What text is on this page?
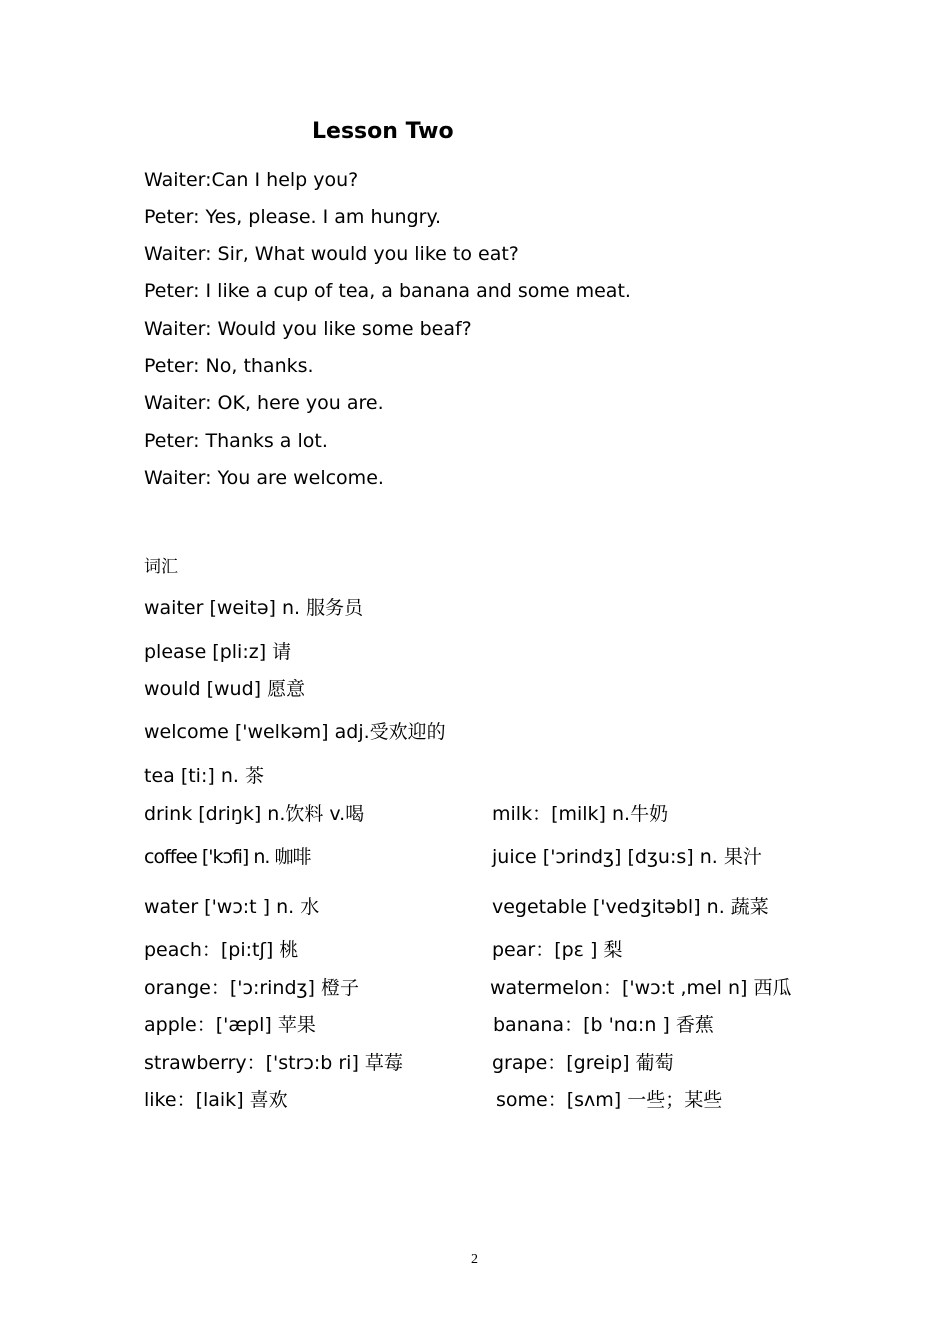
Lesson Two
Waiter:Can I help you?
Peter: Yes, please. I am hungry.
Waiter: Sir, What would you like to eat?
Peter: I like a cup of tea, a banana and some meat.
Waiter: Would you like some beaf?
Peter: No, thanks.
Waiter: OK, here you are.
Peter: Thanks a lot.
Waiter: You are welcome.
词汇
waiter [weitə] n. 服务员
please [pli:z] 请
would [wud] 愿意
welcome ['welkəm] adj.受欢迎的
tea [ti:] n. 茶
drink [driŋk] n.饮料 v.喝
coffee ['kɔfi] n. 咖啡
water ['wɔ:t ] n. 水
peach：[pi:tʃ] 桃
orange：['ɔ:rindʒ] 橙子
apple：['æpl] 苹果
strawberry：['strɔ:b ri] 草莓
like：[laik] 喜欢
milk：[milk] n.牛奶
juice ['ɔrindʒ] [dʒu:s] n. 果汁
vegetable ['vedʒitəbl] n. 蔬菜
pear：[pɛ ] 梨
watermelon：['wɔ:t ,mel n] 西瓜
banana：[b 'nɑ:n ] 香蕉
grape：[greip] 葡萄
some：[sʌm] 一些；某些
2
